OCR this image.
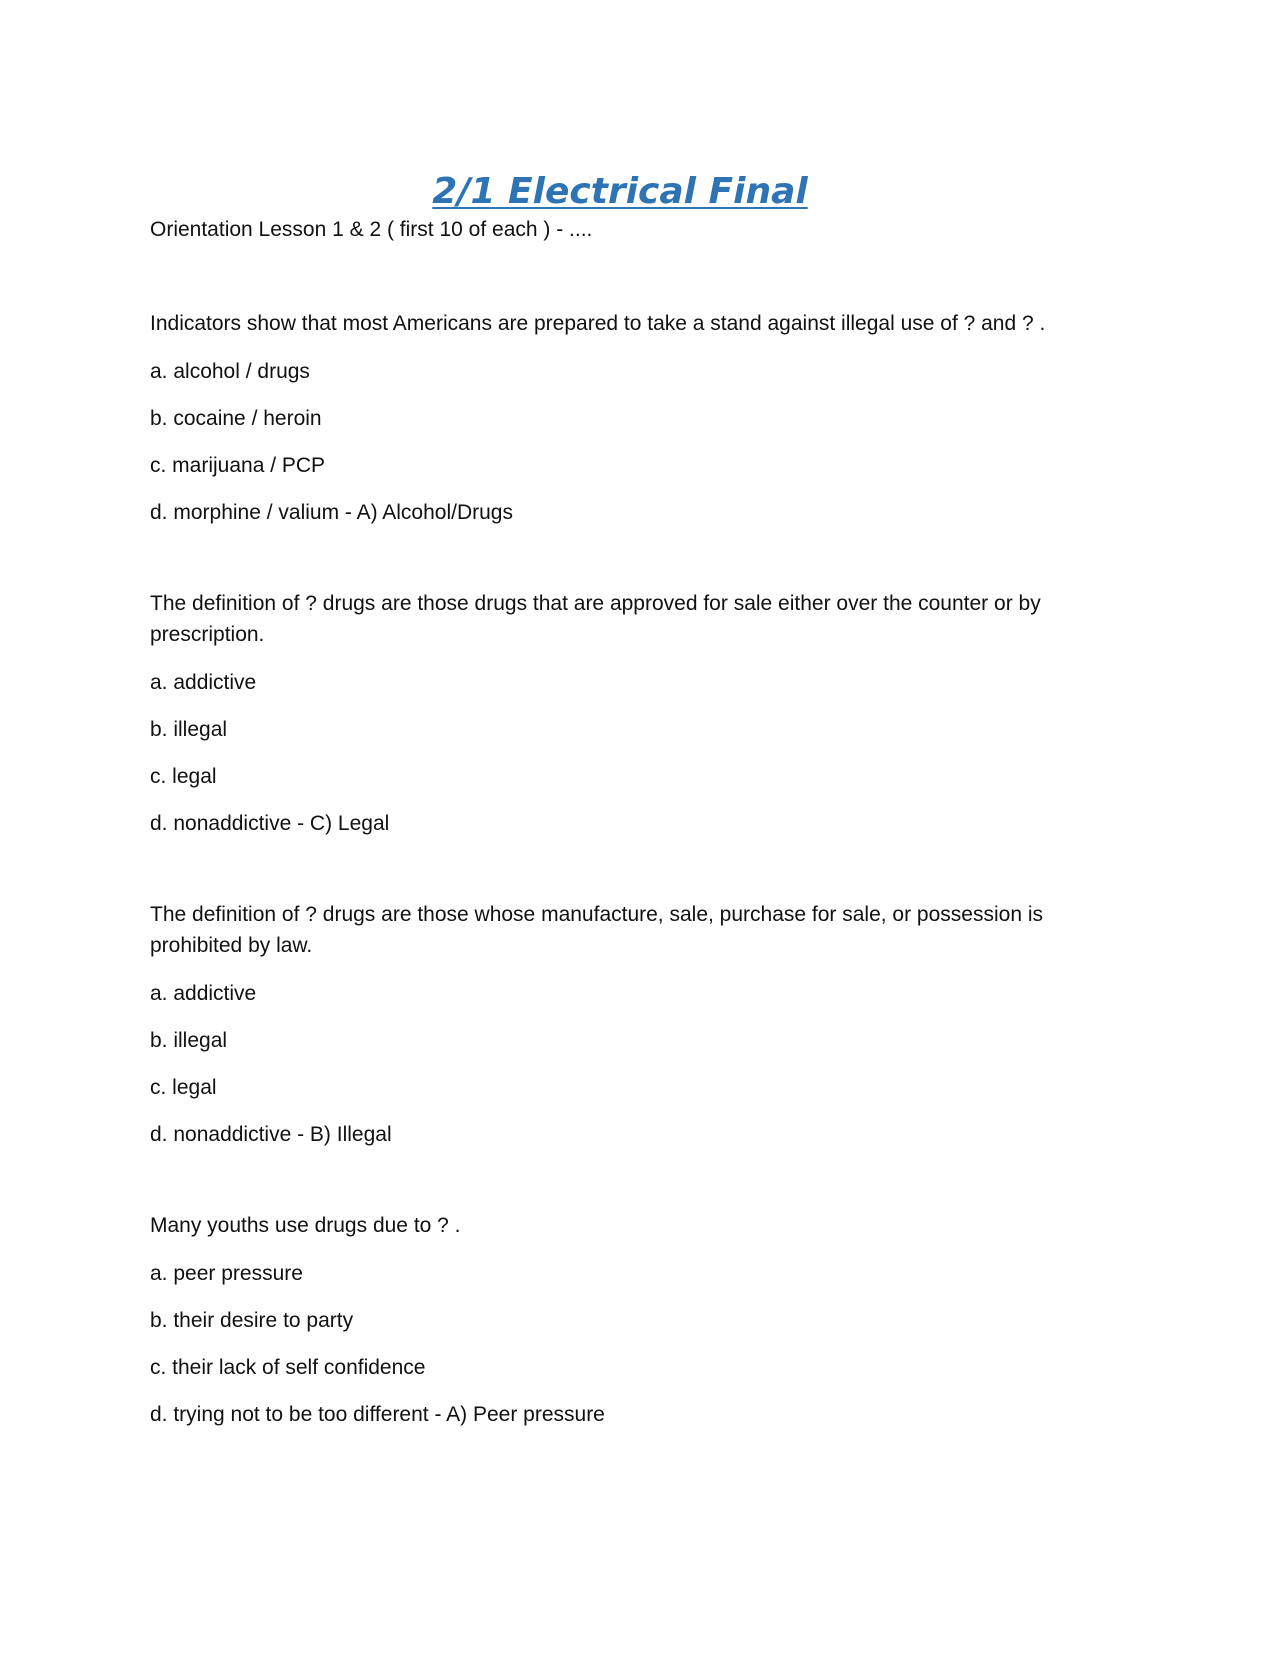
2/1 Electrical Final

Orientation Lesson 1 & 2 ( first 10 of each ) - ....

Indicators show that most Americans are prepared to take a stand against illegal use of ? and ? .

a. alcohol / drugs

b. cocaine / heroin

c. marijuana / PCP

d. morphine / valium - A) Alcohol/Drugs

The definition of ? drugs are those drugs that are approved for sale either over the counter or by prescription.

a. addictive

b. illegal

c. legal

d. nonaddictive - C) Legal

The definition of ? drugs are those whose manufacture, sale, purchase for sale, or possession is prohibited by law.

a. addictive

b. illegal

c. legal

d. nonaddictive - B) Illegal

Many youths use drugs due to ? .

a. peer pressure

b. their desire to party

c. their lack of self confidence

d. trying not to be too different - A) Peer pressure
